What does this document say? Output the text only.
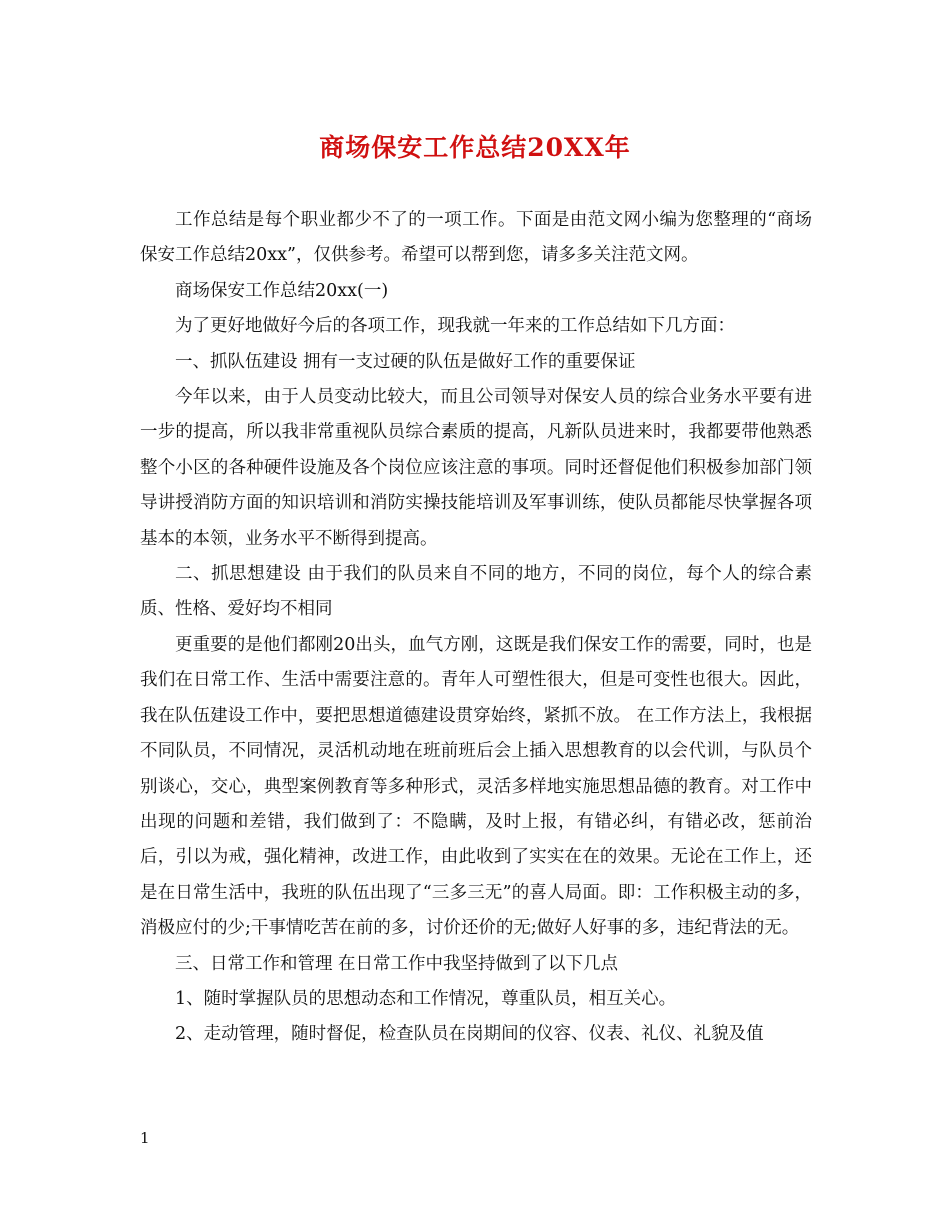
商场保安工作总结20XX年

工作总结是每个职业都少不了的一项工作。下面是由范文网小编为您整理的“商场保安工作总结20xx”，仅供参考。希望可以帮到您，请多多关注范文网。

商场保安工作总结20xx(一)

为了更好地做好今后的各项工作，现我就一年来的工作总结如下几方面：

一、抓队伍建设 拥有一支过硬的队伍是做好工作的重要保证

今年以来，由于人员变动比较大，而且公司领导对保安人员的综合业务水平要有进一步的提高，所以我非常重视队员综合素质的提高，凡新队员进来时，我都要带他熟悉整个小区的各种硬件设施及各个岗位应该注意的事项。同时还督促他们积极参加部门领导讲授消防方面的知识培训和消防实操技能培训及军事训练，使队员都能尽快掌握各项基本的本领，业务水平不断得到提高。

二、抓思想建设 由于我们的队员来自不同的地方，不同的岗位，每个人的综合素质、性格、爱好均不相同

更重要的是他们都刚20出头，血气方刚，这既是我们保安工作的需要，同时，也是我们在日常工作、生活中需要注意的。青年人可塑性很大，但是可变性也很大。因此，我在队伍建设工作中，要把思想道德建设贯穿始终，紧抓不放。 在工作方法上，我根据不同队员，不同情况，灵活机动地在班前班后会上插入思想教育的以会代训，与队员个别谈心，交心，典型案例教育等多种形式，灵活多样地实施思想品德的教育。对工作中出现的问题和差错，我们做到了：不隐瞒，及时上报，有错必纠，有错必改，惩前治后，引以为戒，强化精神，改进工作，由此收到了实实在在的效果。无论在工作上，还是在日常生活中，我班的队伍出现了“三多三无”的喜人局面。即：工作积极主动的多，消极应付的少;干事情吃苦在前的多，讨价还价的无;做好人好事的多，违纪背法的无。

三、日常工作和管理 在日常工作中我坚持做到了以下几点

1、随时掌握队员的思想动态和工作情况，尊重队员，相互关心。

2、走动管理，随时督促，检查队员在岗期间的仪容、仪表、礼仪、礼貌及值

1
